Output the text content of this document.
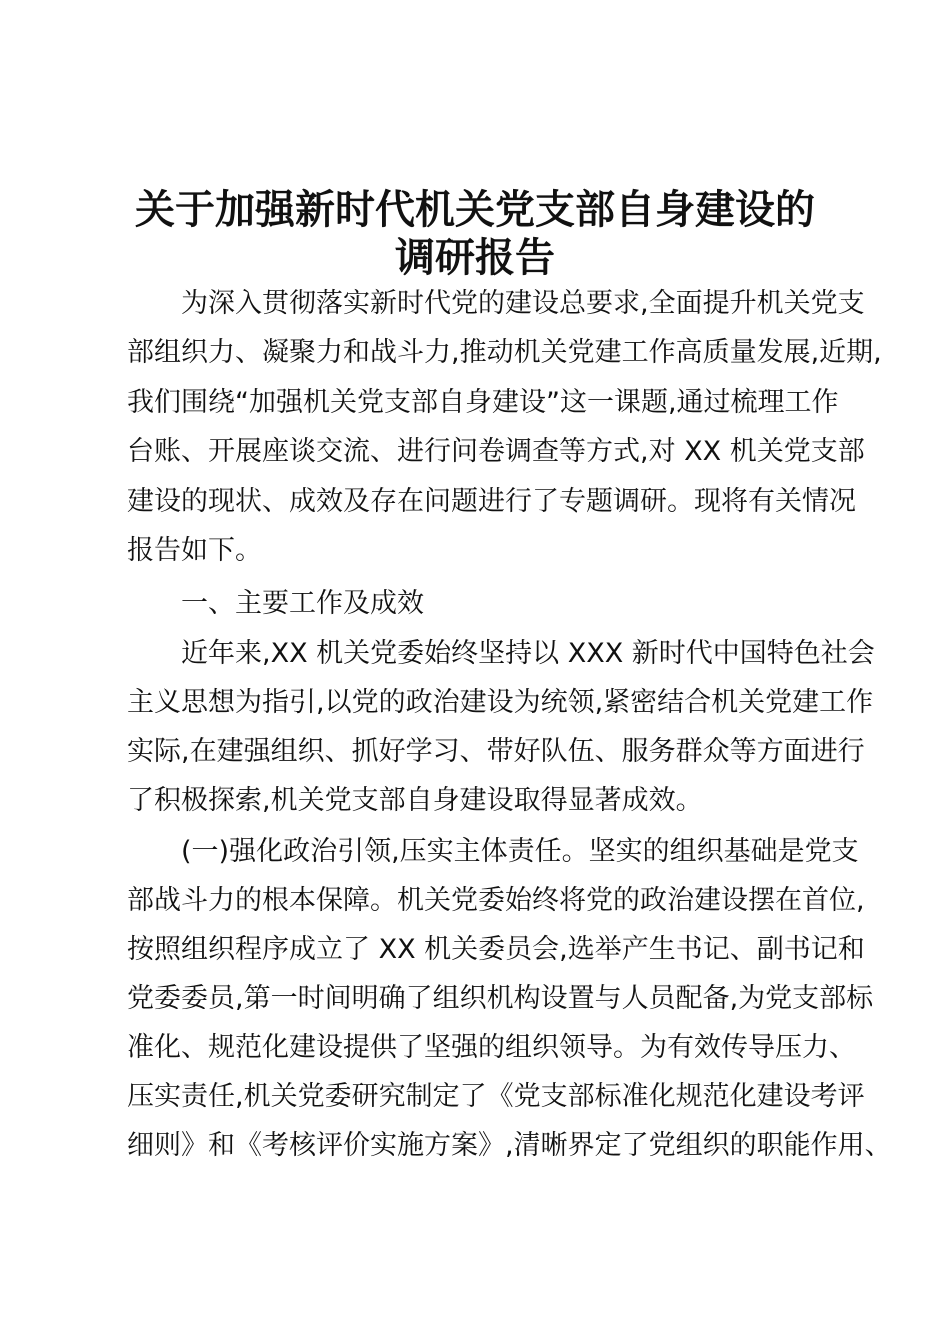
关于加强新时代机关党支部自身建设的
调研报告
为深入贯彻落实新时代党的建设总要求,全面提升机关党支
部组织力、凝聚力和战斗力,推动机关党建工作高质量发展,近期,
我们围绕“加强机关党支部自身建设”这一课题,通过梳理工作
台账、开展座谈交流、进行问卷调查等方式,对 XX 机关党支部
建设的现状、成效及存在问题进行了专题调研。现将有关情况
报告如下。
一、主要工作及成效
近年来,XX 机关党委始终坚持以 XXX 新时代中国特色社会
主义思想为指引,以党的政治建设为统领,紧密结合机关党建工作
实际,在建强组织、抓好学习、带好队伍、服务群众等方面进行
了积极探索,机关党支部自身建设取得显著成效。
(一)强化政治引领,压实主体责任。坚实的组织基础是党支
部战斗力的根本保障。机关党委始终将党的政治建设摆在首位,
按照组织程序成立了 XX 机关委员会,选举产生书记、副书记和
党委委员,第一时间明确了组织机构设置与人员配备,为党支部标
准化、规范化建设提供了坚强的组织领导。为有效传导压力、
压实责任,机关党委研究制定了《党支部标准化规范化建设考评
细则》和《考核评价实施方案》,清晰界定了党组织的职能作用、
